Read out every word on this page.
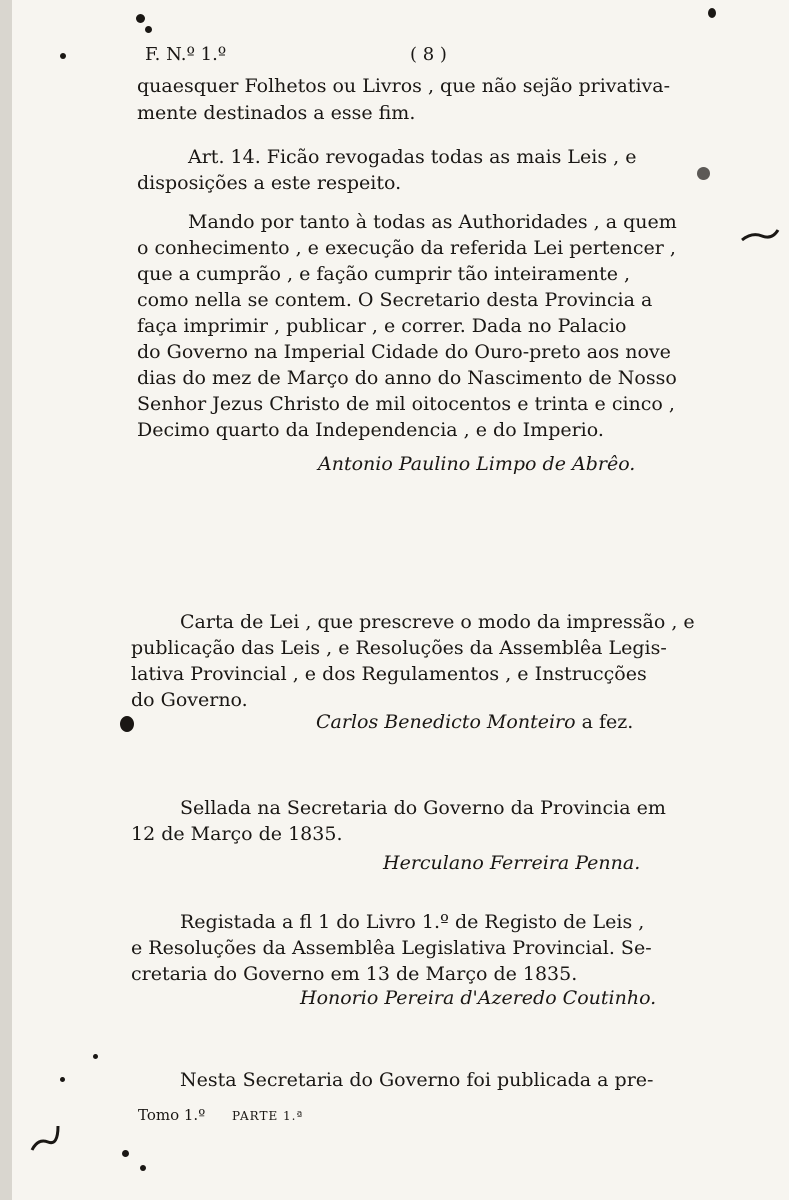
F. N.º 1.º	( 8 )
quaesquer Folhetos ou Livros , que não sejão privativa-
mente destinados a esse fim.
Art. 14. Ficão revogadas todas as mais Leis , e
disposições a este respeito.
Mando por tanto à todas as Authoridades , a quem
o conhecimento , e execução da referida Lei pertencer ,
que a cumprão , e fação cumprir tão inteiramente ,
como nella se contem. O Secretario desta Provincia a
faça imprimir , publicar , e correr. Dada no Palacio
do Governo na Imperial Cidade do Ouro-preto aos nove
dias do mez de Março do anno do Nascimento de Nosso
Senhor Jezus Christo de mil oitocentos e trinta e cinco ,
Decimo quarto da Independencia , e do Imperio.
Antonio Paulino Limpo de Abrêo.
Carta de Lei , que prescreve o modo da impressão , e
publicação das Leis , e Resoluções da Assemblêa Legis-
lativa Provincial , e dos Regulamentos , e Instrucções
do Governo.
Carlos Benedicto Monteiro a fez.
Sellada na Secretaria do Governo da Provincia em
12 de Março de 1835.
Herculano Ferreira Penna.
Registada a fl 1 do Livro 1.º de Registo de Leis ,
e Resoluções da Assemblêa Legislativa Provincial. Se-
cretaria do Governo em 13 de Março de 1835.
Honorio Pereira d'Azeredo Coutinho.
Nesta Secretaria do Governo foi publicada a pre-
Tomo 1.º PARTE 1.ª
